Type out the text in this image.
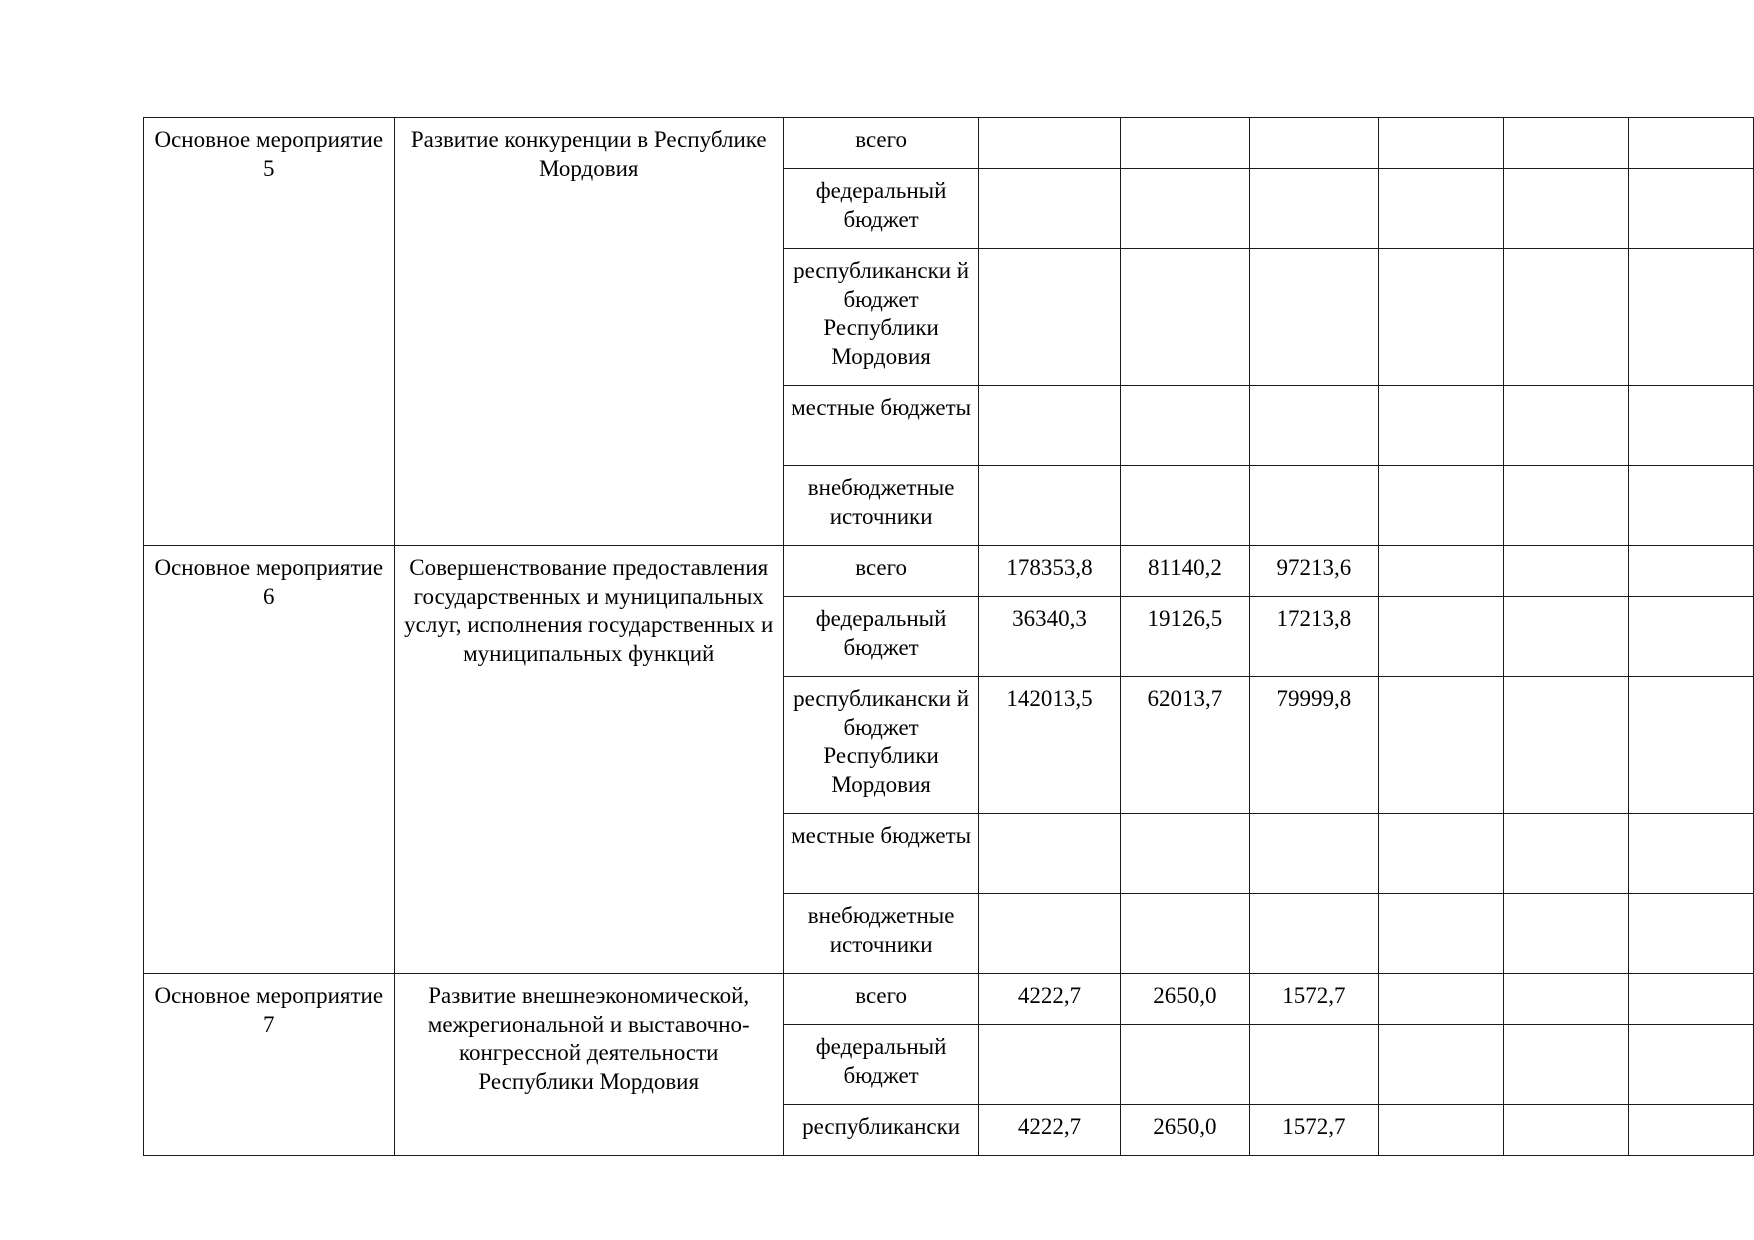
Основное мероприятие 5	Развитие конкуренции в Республике Мордовия	всего						
		федеральный бюджет						
		республикански й бюджет Республики Мордовия						
		местные бюджеты						
		внебюджетные источники						
Основное мероприятие 6	Совершенствование предоставления государственных и муниципальных услуг, исполнения государственных и муниципальных функций	всего	178353,8	81140,2	97213,6			
		федеральный бюджет	36340,3	19126,5	17213,8			
		республикански й бюджет Республики Мордовия	142013,5	62013,7	79999,8			
		местные бюджеты						
		внебюджетные источники						
Основное мероприятие 7	Развитие внешнеэкономической, межрегиональной и выставочно-конгрессной деятельности Республики Мордовия	всего	4222,7	2650,0	1572,7			
		федеральный бюджет						
		республикански	4222,7	2650,0	1572,7			
